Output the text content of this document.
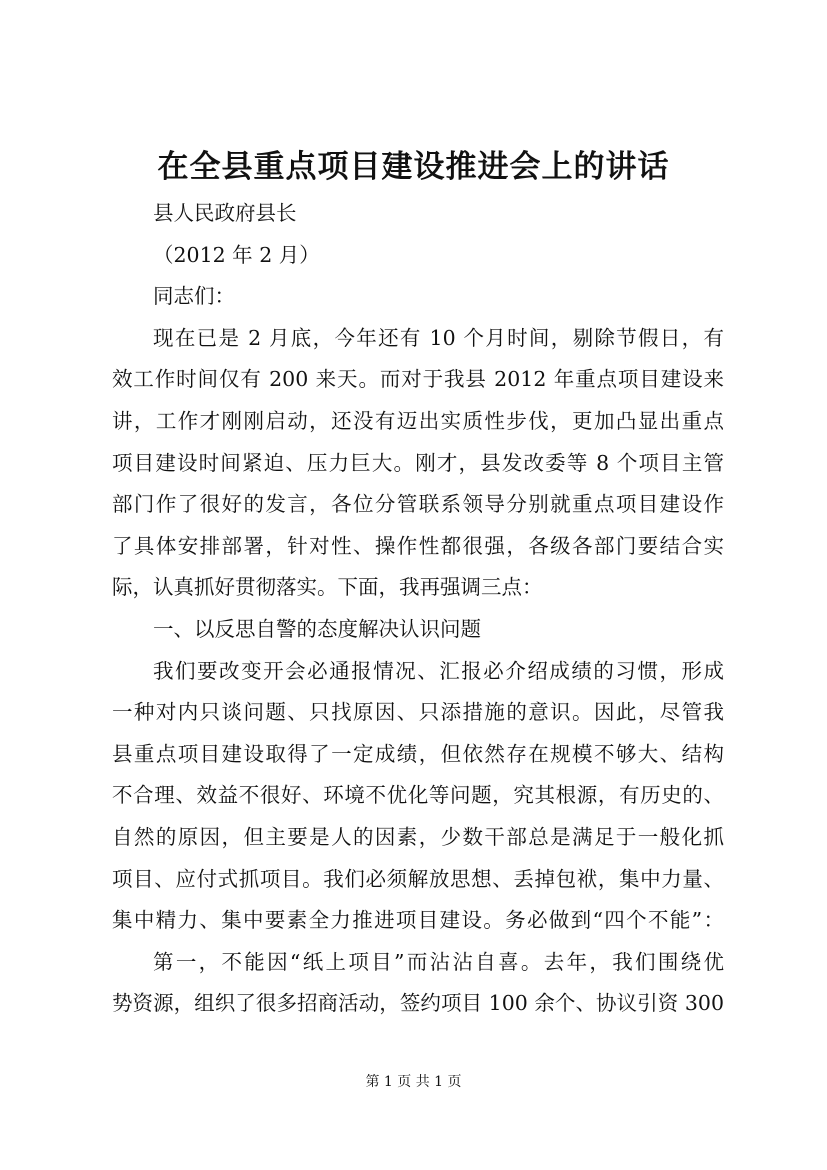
在全县重点项目建设推进会上的讲话
县人民政府县长
（2012 年 2 月）
同志们：
现在已是 2 月底，今年还有 10 个月时间，剔除节假日，有
效工作时间仅有 200 来天。而对于我县 2012 年重点项目建设来
讲，工作才刚刚启动，还没有迈出实质性步伐，更加凸显出重点
项目建设时间紧迫、压力巨大。刚才，县发改委等 8 个项目主管
部门作了很好的发言，各位分管联系领导分别就重点项目建设作
了具体安排部署，针对性、操作性都很强，各级各部门要结合实
际，认真抓好贯彻落实。下面，我再强调三点：
一、以反思自警的态度解决认识问题
我们要改变开会必通报情况、汇报必介绍成绩的习惯，形成
一种对内只谈问题、只找原因、只添措施的意识。因此，尽管我
县重点项目建设取得了一定成绩，但依然存在规模不够大、结构
不合理、效益不很好、环境不优化等问题，究其根源，有历史的、
自然的原因，但主要是人的因素，少数干部总是满足于一般化抓
项目、应付式抓项目。我们必须解放思想、丢掉包袱，集中力量、
集中精力、集中要素全力推进项目建设。务必做到“四个不能”：
第一，不能因“纸上项目”而沾沾自喜。去年，我们围绕优
势资源，组织了很多招商活动，签约项目 100 余个、协议引资 300
第 1 页 共 1 页
